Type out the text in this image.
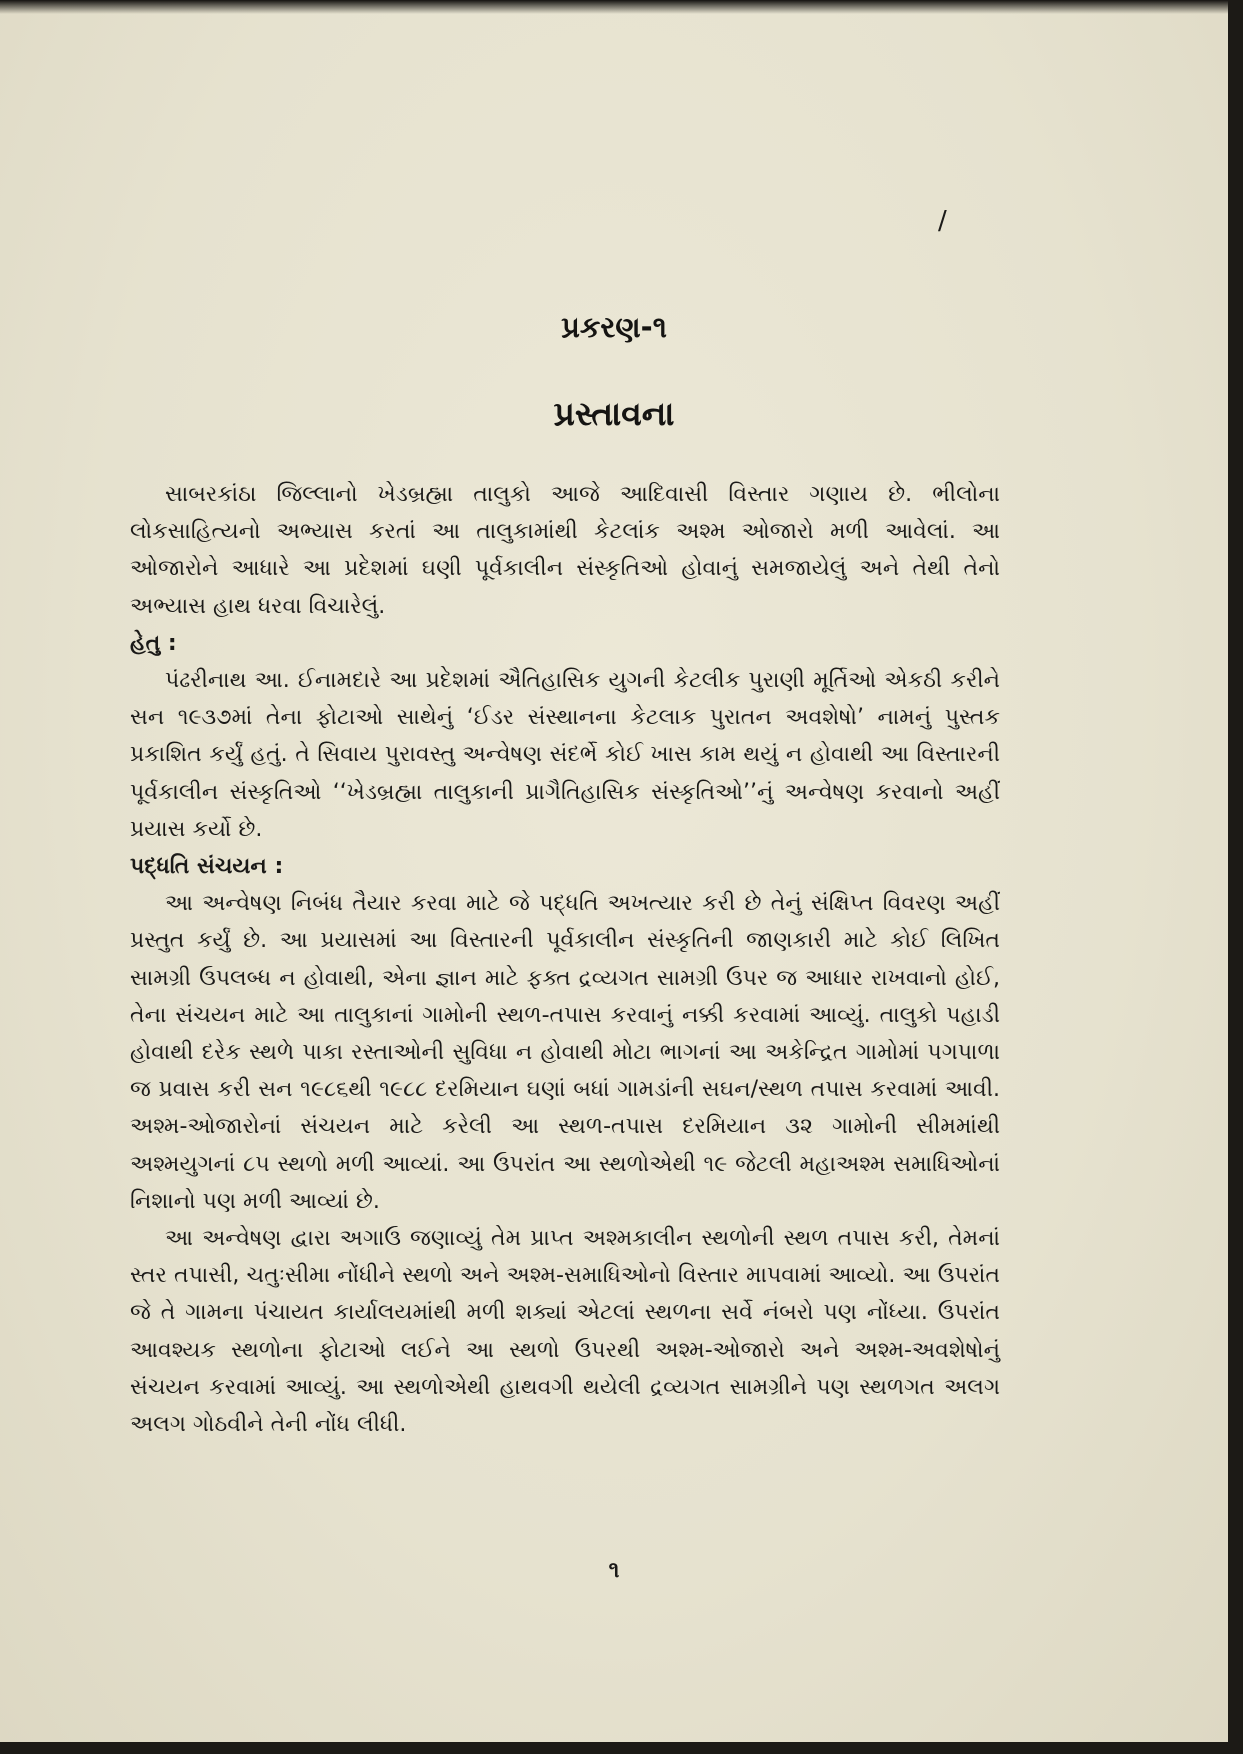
/
પ્રકરણ-૧
પ્રસ્તાવના

સાબરકાંઠા જિલ્લાનો ખેડબ્રહ્મા તાલુકો આજે આદિવાસી વિસ્તાર ગણાય છે. ભીલોના લોકસાહિત્યનો અભ્યાસ કરતાં આ તાલુકામાંથી કેટલાંક અશ્મ ઓજારો મળી આવેલાં. આ ઓજારોને આધારે આ પ્રદેશમાં ઘણી પૂર્વકાલીન સંસ્કૃતિઓ હોવાનું સમજાયેલું અને તેથી તેનો અભ્યાસ હાથ ધરવા વિચારેલું.

હેતુ :

પંઢરીનાથ આ. ઈનામદારે આ પ્રદેશમાં ઐતિહાસિક યુગની કેટલીક પુરાણી મૂર્તિઓ એકઠી કરીને સન ૧૯૩૭માં તેના ફોટાઓ સાથેનું ‘ઈડર સંસ્થાનના કેટલાક પુરાતન અવશેષો’ નામનું પુસ્તક પ્રકાશિત કર્યું હતું. તે સિવાય પુરાવસ્તુ અન્વેષણ સંદર્ભે કોઈ ખાસ કામ થયું ન હોવાથી આ વિસ્તારની પૂર્વકાલીન સંસ્કૃતિઓ ‘‘ખેડબ્રહ્મા તાલુકાની પ્રાગૈતિહાસિક સંસ્કૃતિઓ’’નું અન્વેષણ કરવાનો અહીં પ્રયાસ કર્યો છે.

પદ્ધતિ સંચયન :

આ અન્વેષણ નિબંધ તૈયાર કરવા માટે જે પદ્ધતિ અખત્યાર કરી છે તેનું સંક્ષિપ્ત વિવરણ અહીં પ્રસ્તુત કર્યું છે. આ પ્રયાસમાં આ વિસ્તારની પૂર્વકાલીન સંસ્કૃતિની જાણકારી માટે કોઈ લિખિત સામગ્રી ઉપલબ્ધ ન હોવાથી, એના જ્ઞાન માટે ફક્ત દ્રવ્યગત સામગ્રી ઉપર જ આધાર રાખવાનો હોઈ, તેના સંચયન માટે આ તાલુકાનાં ગામોની સ્થળ-તપાસ કરવાનું નક્કી કરવામાં આવ્યું. તાલુકો પહાડી હોવાથી દરેક સ્થળે પાકા રસ્તાઓની સુવિધા ન હોવાથી મોટા ભાગનાં આ અકેન્દ્રિત ગામોમાં પગપાળા જ પ્રવાસ કરી સન ૧૯૮૬થી ૧૯૮૮ દરમિયાન ઘણાં બધાં ગામડાંની સઘન/સ્થળ તપાસ કરવામાં આવી. અશ્મ-ઓજારોનાં સંચયન માટે કરેલી આ સ્થળ-તપાસ દરમિયાન ૩૨ ગામોની સીમમાંથી અશ્મયુગનાં ૮૫ સ્થળો મળી આવ્યાં. આ ઉપરાંત આ સ્થળોએથી ૧૯ જેટલી મહાઅશ્મ સમાધિઓનાં નિશાનો પણ મળી આવ્યાં છે.

આ અન્વેષણ દ્વારા અગાઉ જણાવ્યું તેમ પ્રાપ્ત અશ્મકાલીન સ્થળોની સ્થળ તપાસ કરી, તેમનાં સ્તર તપાસી, ચતુઃસીમા નોંધીને સ્થળો અને અશ્મ-સમાધિઓનો વિસ્તાર માપવામાં આવ્યો. આ ઉપરાંત જે તે ગામના પંચાયત કાર્યાલયમાંથી મળી શક્યાં એટલાં સ્થળના સર્વે નંબરો પણ નોંધ્યા. ઉપરાંત આવશ્યક સ્થળોના ફોટાઓ લઈને આ સ્થળો ઉપરથી અશ્મ-ઓજારો અને અશ્મ-અવશેષોનું સંચયન કરવામાં આવ્યું. આ સ્થળોએથી હાથવગી થયેલી દ્રવ્યગત સામગ્રીને પણ સ્થળગત અલગ અલગ ગોઠવીને તેની નોંધ લીધી.

૧
